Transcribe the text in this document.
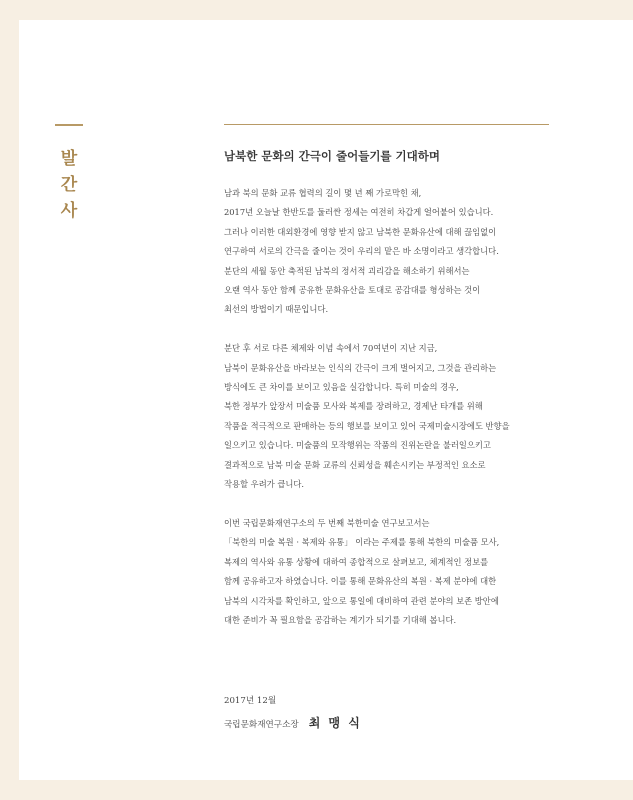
발
간
사
남북한 문화의 간극이 줄어들기를 기대하며
남과 북의 문화 교류 협력의 길이 몇 년 째 가로막힌 채,
2017년 오늘날 한반도를 둘러싼 정세는 여전히 차갑게 얼어붙어 있습니다.
그러나 이러한 대외환경에 영향 받지 않고 남북한 문화유산에 대해 끊임없이
연구하여 서로의 간극을 줄이는 것이 우리의 맡은 바 소명이라고 생각합니다.
분단의 세월 동안 축적된 남북의 정서적 괴리감을 해소하기 위해서는
오랜 역사 동안 함께 공유한 문화유산을 토대로 공감대를 형성하는 것이
최선의 방법이기 때문입니다.
분단 후 서로 다른 체제와 이념 속에서 70여년이 지난 지금,
남북이 문화유산을 바라보는 인식의 간극이 크게 벌어지고, 그것을 관리하는
방식에도 큰 차이를 보이고 있음을 실감합니다. 특히 미술의 경우,
북한 정부가 앞장서 미술품 모사와 복제를 장려하고, 경제난 타개를 위해
작품을 적극적으로 판매하는 등의 행보를 보이고 있어 국제미술시장에도 반향을
일으키고 있습니다. 미술품의 모작행위는 작품의 진위논란을 불러일으키고
결과적으로 남북 미술 문화 교류의 신뢰성을 훼손시키는 부정적인 요소로
작용할 우려가 큽니다.
이번 국립문화재연구소의 두 번째 북한미술 연구보고서는
「북한의 미술 복원 · 복제와 유통」 이라는 주제를 통해 북한의 미술품 모사,
복제의 역사와 유통 상황에 대하여 종합적으로 살펴보고, 체계적인 정보를
함께 공유하고자 하였습니다. 이를 통해 문화유산의 복원 · 복제 분야에 대한
남북의 시각차를 확인하고, 앞으로 통일에 대비하여 관련 분야의 보존 방안에
대한 준비가 꼭 필요함을 공감하는 계기가 되기를 기대해 봅니다.
2017년 12월
국립문화재연구소장 최 맹 식
